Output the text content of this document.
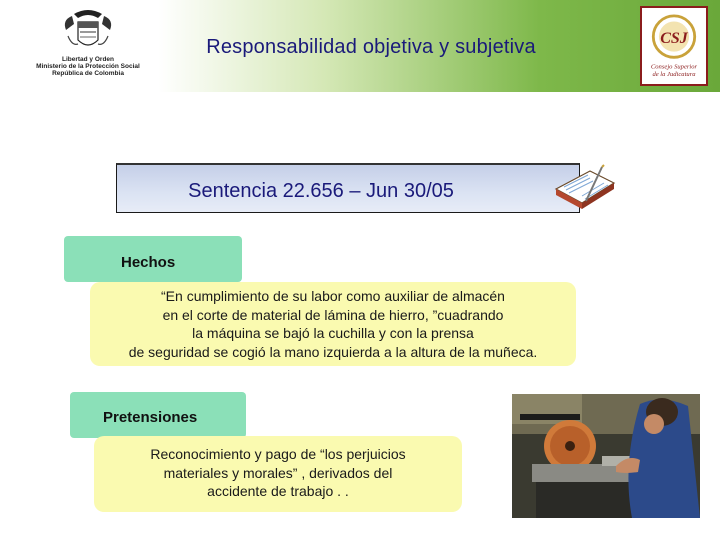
Libertad y Orden
Ministerio de la Protección Social
República de Colombia
Responsabilidad objetiva y subjetiva	CSJ
Consejo Superior
de la Judicatura
Sentencia 22.656 – Jun 30/05
Hechos
“En cumplimiento de su labor como auxiliar de almacén
en el corte de material de lámina de hierro, ”cuadrando
la máquina se bajó la cuchilla y con la prensa
de seguridad se cogió la mano izquierda a la altura de la muñeca.
Pretensiones
Reconocimiento y pago de “los perjuicios
materiales y morales” , derivados del
accidente de trabajo . .
